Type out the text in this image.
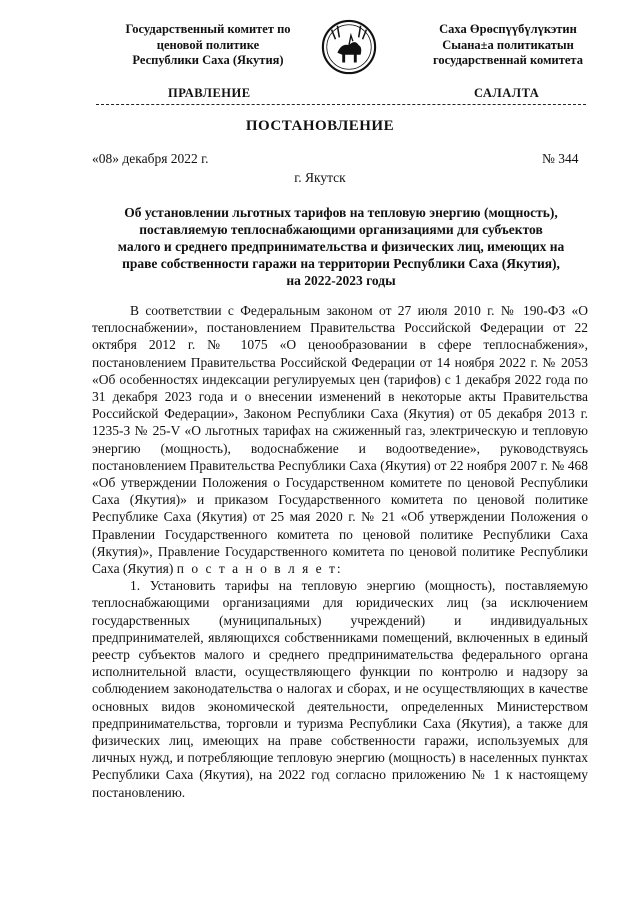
Государственный комитет по
ценовой политике
Республики Саха (Якутия)
Саха Өрөспүүбүлүкэтин
Сыана±а политикатын
государственнай комитета
ПРАВЛЕНИЕ	САЛАЛТА
ПОСТАНОВЛЕНИЕ
«08» декабря 2022 г.	№ 344
г. Якутск
Об установлении льготных тарифов на тепловую энергию (мощность),
поставляемую теплоснабжающими организациями для субъектов
малого и среднего предпринимательства и физических лиц, имеющих на
праве собственности гаражи на территории Республики Саха (Якутия),
на 2022-2023 годы

В соответствии с Федеральным законом от 27 июля 2010 г. № 190-ФЗ «О теплоснабжении», постановлением Правительства Российской Федерации от 22 октября 2012 г. № 1075 «О ценообразовании в сфере теплоснабжения», постановлением Правительства Российской Федерации от 14 ноября 2022 г. № 2053 «Об особенностях индексации регулируемых цен (тарифов) с 1 декабря 2022 года по 31 декабря 2023 года и о внесении изменений в некоторые акты Правительства Российской Федерации», Законом Республики Саха (Якутия) от 05 декабря 2013 г. 1235-З № 25-V «О льготных тарифах на сжиженный газ, электрическую и тепловую энергию (мощность), водоснабжение и водоотведение», руководствуясь постановлением Правительства Республики Саха (Якутия) от 22 ноября 2007 г. № 468 «Об утверждении Положения о Государственном комитете по ценовой Республики Саха (Якутия)» и приказом Государственного комитета по ценовой политике Республике Саха (Якутия) от 25 мая 2020 г. № 21 «Об утверждении Положения о Правлении Государственного комитета по ценовой политике Республики Саха (Якутия)», Правление Государственного комитета по ценовой политике Республики Саха (Якутия) п о с т а н о в л я е т:

1. Установить тарифы на тепловую энергию (мощность), поставляемую теплоснабжающими организациями для юридических лиц (за исключением государственных (муниципальных) учреждений) и индивидуальных предпринимателей, являющихся собственниками помещений, включенных в единый реестр субъектов малого и среднего предпринимательства федерального органа исполнительной власти, осуществляющего функции по контролю и надзору за соблюдением законодательства о налогах и сборах, и не осуществляющих в качестве основных видов экономической деятельности, определенных Министерством предпринимательства, торговли и туризма Республики Саха (Якутия), а также для физических лиц, имеющих на праве собственности гаражи, используемых для личных нужд, и потребляющие тепловую энергию (мощность) в населенных пунктах Республики Саха (Якутия), на 2022 год согласно приложению № 1 к настоящему постановлению.
